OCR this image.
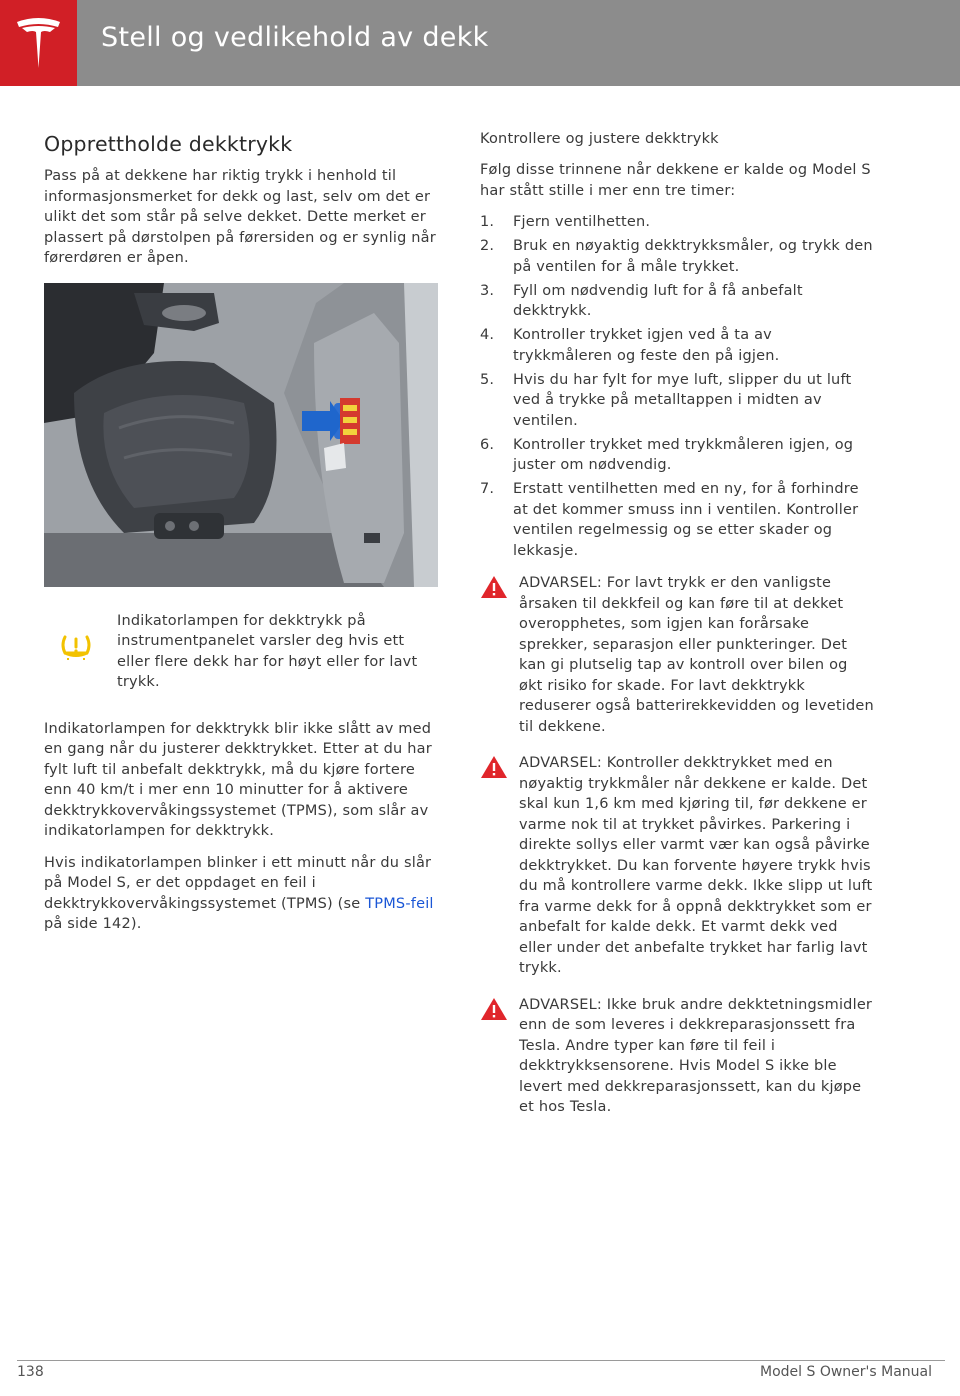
Stell og vedlikehold av dekk
Opprettholde dekktrykk

Pass på at dekkene har riktig trykk i henhold til informasjonsmerket for dekk og last, selv om det er ulikt det som står på selve dekket. Dette merket er plassert på dørstolpen på førersiden og er synlig når førerdøren er åpen.

Indikatorlampen for dekktrykk på instrumentpanelet varsler deg hvis ett eller flere dekk har for høyt eller for lavt trykk.

Indikatorlampen for dekktrykk blir ikke slått av med en gang når du justerer dekktrykket. Etter at du har fylt luft til anbefalt dekktrykk, må du kjøre fortere enn 40 km/t i mer enn 10 minutter for å aktivere dekktrykkovervåkingssystemet (TPMS), som slår av indikatorlampen for dekktrykk.

Hvis indikatorlampen blinker i ett minutt når du slår på Model S, er det oppdaget en feil i dekktrykkovervåkingssystemet (TPMS) (se TPMS-feil på side 142).

Kontrollere og justere dekktrykk

Følg disse trinnene når dekkene er kalde og Model S har stått stille i mer enn tre timer:

1. Fjern ventilhetten.
2. Bruk en nøyaktig dekktrykksmåler, og trykk den på ventilen for å måle trykket.
3. Fyll om nødvendig luft for å få anbefalt dekktrykk.
4. Kontroller trykket igjen ved å ta av trykkmåleren og feste den på igjen.
5. Hvis du har fylt for mye luft, slipper du ut luft ved å trykke på metalltappen i midten av ventilen.
6. Kontroller trykket med trykkmåleren igjen, og juster om nødvendig.
7. Erstatt ventilhetten med en ny, for å forhindre at det kommer smuss inn i ventilen. Kontroller ventilen regelmessig og se etter skader og lekkasje.

ADVARSEL: For lavt trykk er den vanligste årsaken til dekkfeil og kan føre til at dekket overopphetes, som igjen kan forårsake sprekker, separasjon eller punkteringer. Det kan gi plutselig tap av kontroll over bilen og økt risiko for skade. For lavt dekktrykk reduserer også batterirekkevidden og levetiden til dekkene.

ADVARSEL: Kontroller dekktrykket med en nøyaktig trykkmåler når dekkene er kalde. Det skal kun 1,6 km med kjøring til, før dekkene er varme nok til at trykket påvirkes. Parkering i direkte sollys eller varmt vær kan også påvirke dekktrykket. Du kan forvente høyere trykk hvis du må kontrollere varme dekk. Ikke slipp ut luft fra varme dekk for å oppnå dekktrykket som er anbefalt for kalde dekk. Et varmt dekk ved eller under det anbefalte trykket har farlig lavt trykk.

ADVARSEL: Ikke bruk andre dekktetningsmidler enn de som leveres i dekkreparasjonssett fra Tesla. Andre typer kan føre til feil i dekktrykksensorene. Hvis Model S ikke ble levert med dekkreparasjonssett, kan du kjøpe et hos Tesla.

138	Model S Owner's Manual
